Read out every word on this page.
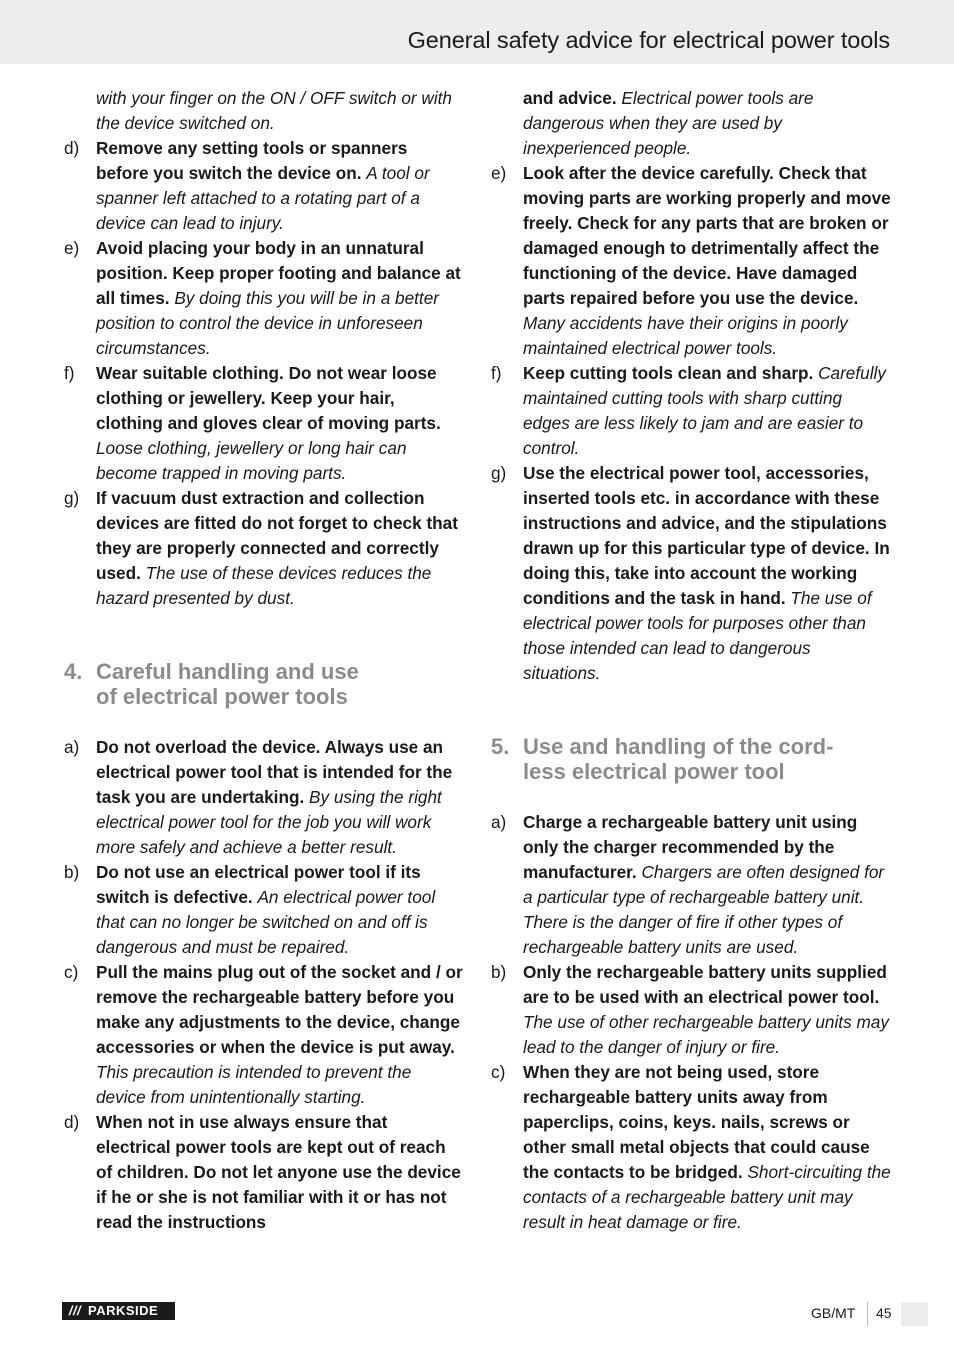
General safety advice for electrical power tools
with your finger on the ON / OFF switch or with the device switched on.
d) Remove any setting tools or spanners before you switch the device on. A tool or spanner left attached to a rotating part of a device can lead to injury.
e) Avoid placing your body in an unnatural position. Keep proper footing and balance at all times. By doing this you will be in a better position to control the device in unforeseen circumstances.
f) Wear suitable clothing. Do not wear loose clothing or jewellery. Keep your hair, clothing and gloves clear of moving parts. Loose clothing, jewellery or long hair can become trapped in moving parts.
g) If vacuum dust extraction and collection devices are fitted do not forget to check that they are properly connected and correctly used. The use of these devices reduces the hazard presented by dust.
4. Careful handling and use
of electrical power tools
a) Do not overload the device. Always use an electrical power tool that is intended for the task you are undertaking. By using the right electrical power tool for the job you will work more safely and achieve a better result.
b) Do not use an electrical power tool if its switch is defective. An electrical power tool that can no longer be switched on and off is dangerous and must be repaired.
c) Pull the mains plug out of the socket and / or remove the rechargeable battery before you make any adjustments to the device, change accessories or when the device is put away. This precaution is intended to prevent the device from unintentionally starting.
d) When not in use always ensure that electrical power tools are kept out of reach of children. Do not let anyone use the device if he or she is not familiar with it or has not read the instructions
and advice. Electrical power tools are dangerous when they are used by inexperienced people.
e) Look after the device carefully. Check that moving parts are working properly and move freely. Check for any parts that are broken or damaged enough to detrimentally affect the functioning of the device. Have damaged parts repaired before you use the device. Many accidents have their origins in poorly maintained electrical power tools.
f) Keep cutting tools clean and sharp. Carefully maintained cutting tools with sharp cutting edges are less likely to jam and are easier to control.
g) Use the electrical power tool, accessories, inserted tools etc. in accordance with these instructions and advice, and the stipulations drawn up for this particular type of device. In doing this, take into account the working conditions and the task in hand. The use of electrical power tools for purposes other than those intended can lead to dangerous situations.
5. Use and handling of the cord-
less electrical power tool
a) Charge a rechargeable battery unit using only the charger recommended by the manufacturer. Chargers are often designed for a particular type of rechargeable battery unit. There is the danger of fire if other types of rechargeable battery units are used.
b) Only the rechargeable battery units supplied are to be used with an electrical power tool. The use of other rechargeable battery units may lead to the danger of injury or fire.
c) When they are not being used, store rechargeable battery units away from paperclips, coins, keys. nails, screws or other small metal objects that could cause the contacts to be bridged. Short-circuiting the contacts of a rechargeable battery unit may result in heat damage or fire.
/// PARKSIDE	GB/MT 45
